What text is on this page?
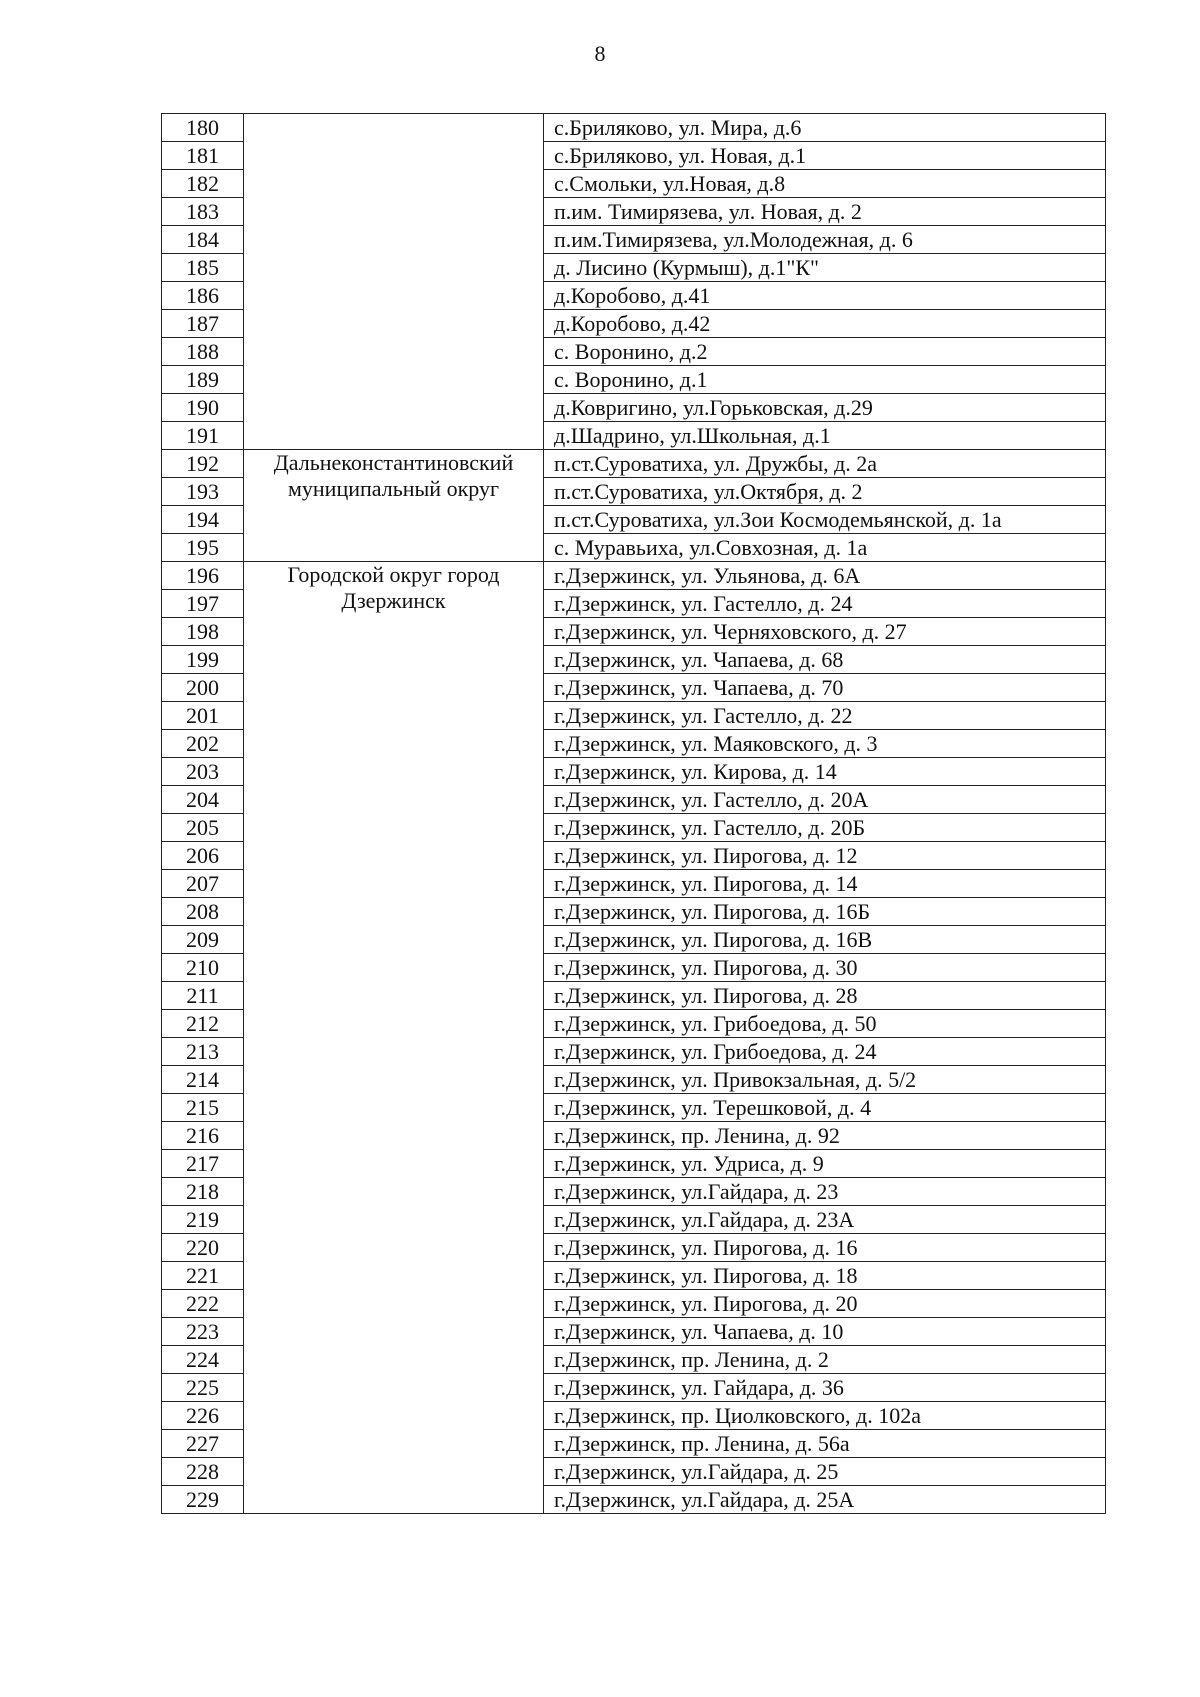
8
180		с.Бриляково, ул. Мира, д.6
181		с.Бриляково, ул. Новая, д.1
182		с.Смольки, ул.Новая, д.8
183		п.им. Тимирязева, ул. Новая, д. 2
184		п.им.Тимирязева, ул.Молодежная, д. 6
185		д. Лисино (Курмыш), д.1"К"
186		д.Коробово, д.41
187		д.Коробово, д.42
188		с. Воронино, д.2
189		с. Воронино, д.1
190		д.Ковригино, ул.Горьковская, д.29
191		д.Шадрино, ул.Школьная, д.1
192	Дальнеконстантиновский муниципальный округ	п.ст.Суроватиха, ул. Дружбы, д. 2а
193		п.ст.Суроватиха, ул.Октября, д. 2
194		п.ст.Суроватиха, ул.Зои Космодемьянской, д. 1а
195		с. Муравьиха, ул.Совхозная, д. 1а
196	Городской округ город Дзержинск	г.Дзержинск, ул. Ульянова, д. 6А
197		г.Дзержинск, ул. Гастелло, д. 24
198		г.Дзержинск, ул. Черняховского, д. 27
199		г.Дзержинск, ул. Чапаева, д. 68
200		г.Дзержинск, ул. Чапаева, д. 70
201		г.Дзержинск, ул. Гастелло, д. 22
202		г.Дзержинск, ул. Маяковского, д. 3
203		г.Дзержинск, ул. Кирова, д. 14
204		г.Дзержинск, ул. Гастелло, д. 20А
205		г.Дзержинск, ул. Гастелло, д. 20Б
206		г.Дзержинск, ул. Пирогова, д. 12
207		г.Дзержинск, ул. Пирогова, д. 14
208		г.Дзержинск, ул. Пирогова, д. 16Б
209		г.Дзержинск, ул. Пирогова, д. 16В
210		г.Дзержинск, ул. Пирогова, д. 30
211		г.Дзержинск, ул. Пирогова, д. 28
212		г.Дзержинск, ул. Грибоедова, д. 50
213		г.Дзержинск, ул. Грибоедова, д. 24
214		г.Дзержинск, ул. Привокзальная, д. 5/2
215		г.Дзержинск, ул. Терешковой, д. 4
216		г.Дзержинск, пр. Ленина, д. 92
217		г.Дзержинск, ул. Удриса, д. 9
218		г.Дзержинск, ул.Гайдара, д. 23
219		г.Дзержинск, ул.Гайдара, д. 23А
220		г.Дзержинск, ул. Пирогова, д. 16
221		г.Дзержинск, ул. Пирогова, д. 18
222		г.Дзержинск, ул. Пирогова, д. 20
223		г.Дзержинск, ул. Чапаева, д. 10
224		г.Дзержинск, пр. Ленина, д. 2
225		г.Дзержинск, ул. Гайдара, д. 36
226		г.Дзержинск, пр. Циолковского, д. 102а
227		г.Дзержинск, пр. Ленина, д. 56а
228		г.Дзержинск, ул.Гайдара, д. 25
229		г.Дзержинск, ул.Гайдара, д. 25А
